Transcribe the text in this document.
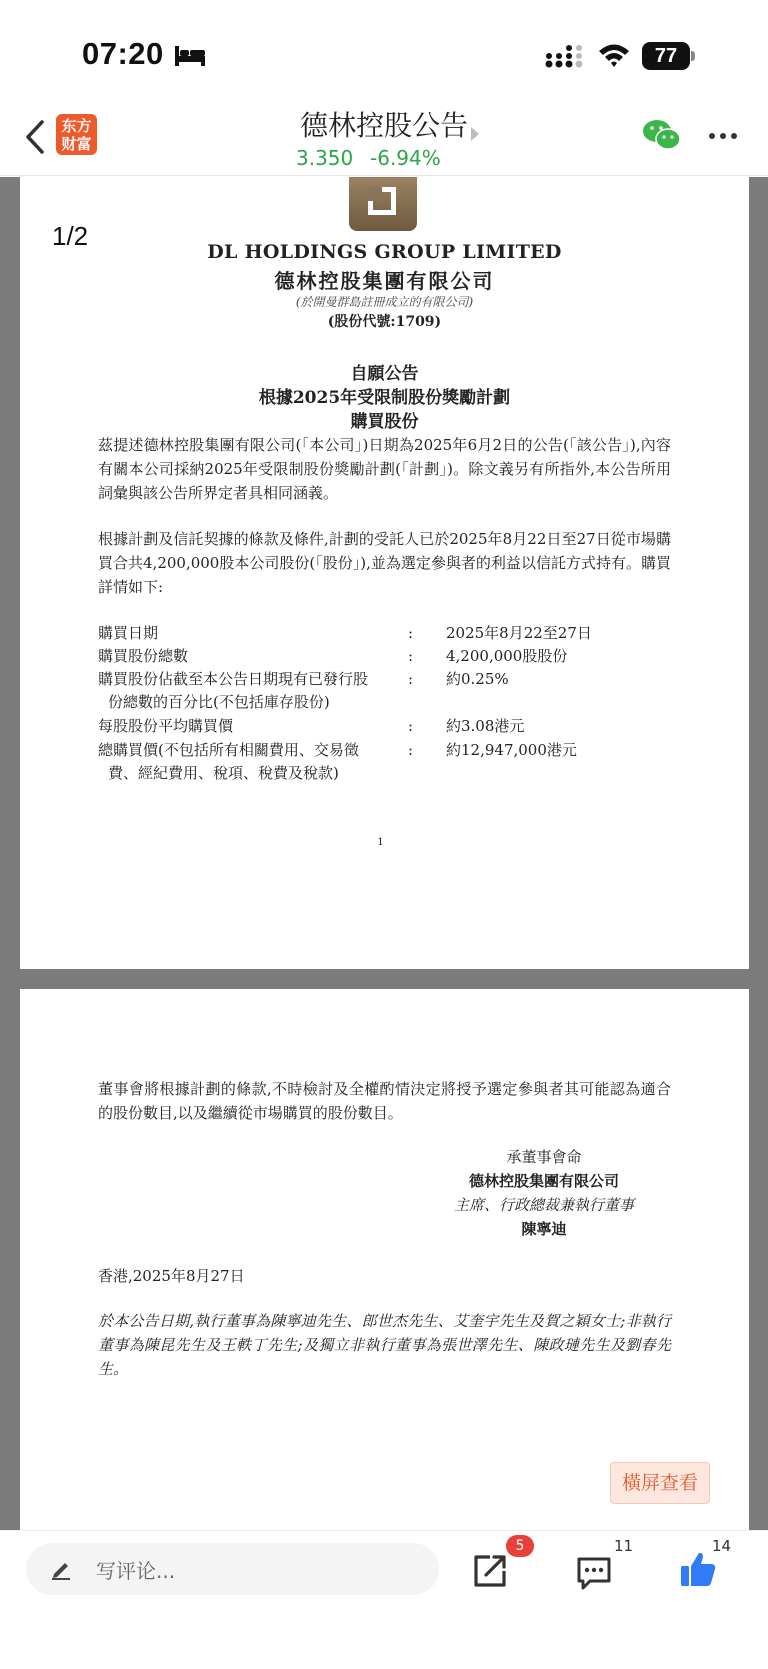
07:20	77
东方
财富
德林控股公告
3.350 -6.94%
1/2
DL HOLDINGS GROUP LIMITED
德林控股集團有限公司
(於開曼群島註冊成立的有限公司)
(股份代號:1709)
自願公告
根據2025年受限制股份獎勵計劃
購買股份
茲提述德林控股集團有限公司(「本公司」)日期為2025年6月2日的公告(「該公告」),內容有關本公司採納2025年受限制股份獎勵計劃(「計劃」)。除文義另有所指外,本公告所用詞彙與該公告所界定者具相同涵義。
根據計劃及信託契據的條款及條件,計劃的受託人已於2025年8月22日至27日從市場購買合共4,200,000股本公司股份(「股份」),並為選定參與者的利益以信託方式持有。購買詳情如下:
購買日期	: 2025年8月22至27日
購買股份總數	: 4,200,000股股份
購買股份佔截至本公告日期現有已發行股
份總數的百分比(不包括庫存股份)
: 約0.25%
每股股份平均購買價	: 約3.08港元
總購買價(不包括所有相關費用、交易徵
費、經紀費用、稅項、稅費及稅款)
: 約12,947,000港元
1
董事會將根據計劃的條款,不時檢討及全權酌情決定將授予選定參與者其可能認為適合的股份數目,以及繼續從市場購買的股份數目。
承董事會命
德林控股集團有限公司
主席、行政總裁兼執行董事
陳寧迪
香港,2025年8月27日
於本公告日期,執行董事為陳寧迪先生、郎世杰先生、艾奎宇先生及賀之穎女士;非執行董事為陳昆先生及王軼丁先生;及獨立非執行董事為張世澤先生、陳政璉先生及劉春先生。
橫屏查看
写评论...
5	11	14
